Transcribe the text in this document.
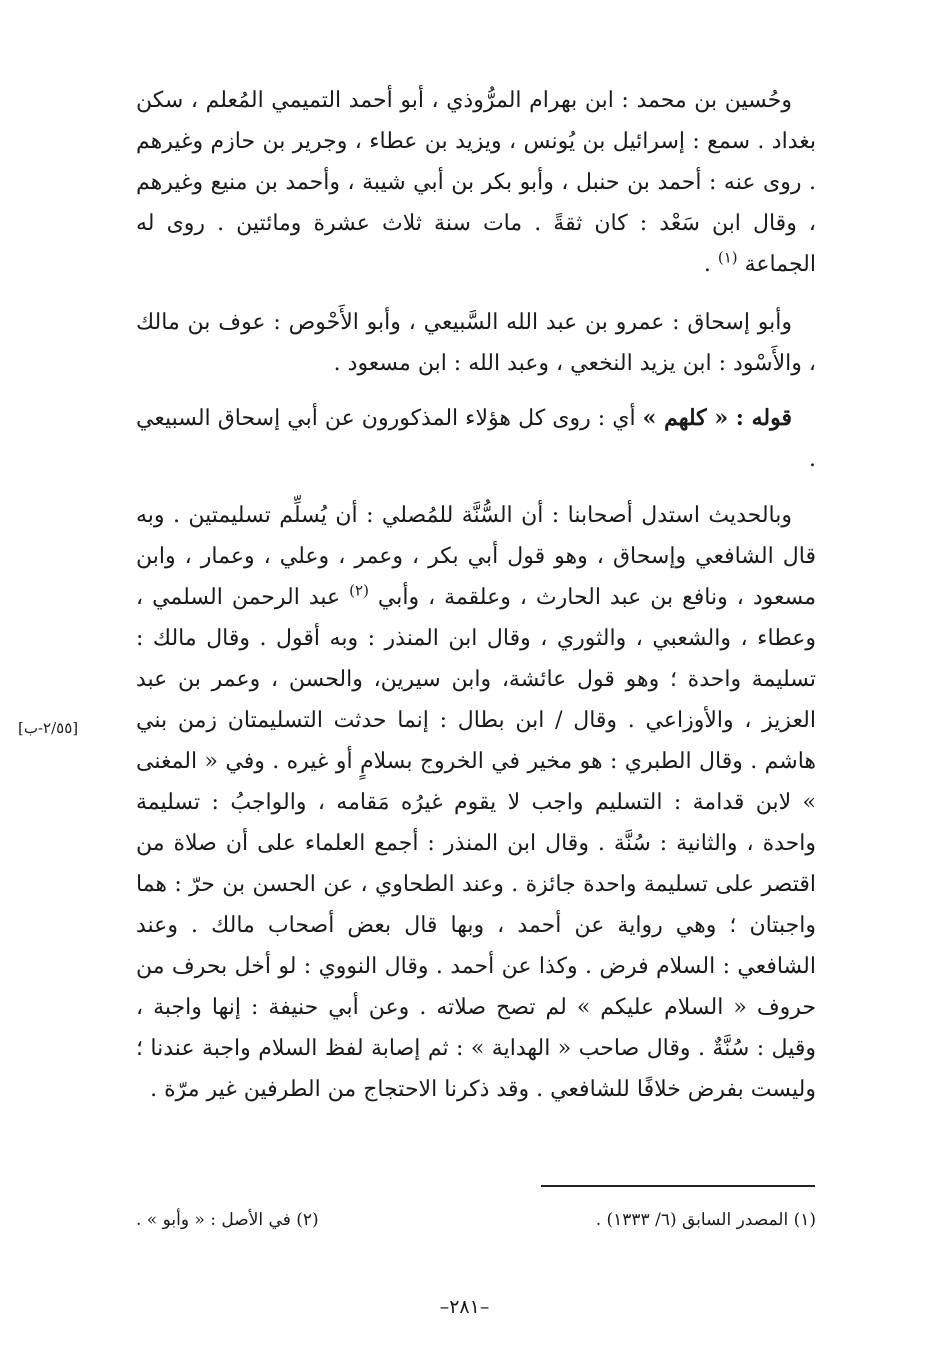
وحُسين بن محمد : ابن بهرام المرُّوذي ، أبو أحمد التميمي المُعلم ، سكن بغداد . سمع : إسرائيل بن يُونس ، ويزيد بن عطاء ، وجرير بن حازم وغيرهم . روى عنه : أحمد بن حنبل ، وأبو بكر بن أبي شيبة ، وأحمد بن منيع وغيرهم ، وقال ابن سَعْد : كان ثقةً . مات سنة ثلاث عشرة ومائتين . روى له الجماعة $^{(١)}$ .

وأبو إسحاق : عمرو بن عبد الله السَّبيعي ، وأبو الأَحْوص : عوف بن مالك ، والأَسْود : ابن يزيد النخعي ، وعبد الله : ابن مسعود .

قوله : « كلهم » أي : روى كل هؤلاء المذكورون عن أبي إسحاق السبيعي .

وبالحديث استدل أصحابنا : أن السُّنَّة للمُصلي : أن يُسلِّم تسليمتين . وبه قال الشافعي وإسحاق ، وهو قول أبي بكر ، وعمر ، وعلي ، وعمار ، وابن مسعود ، ونافع بن عبد الحارث ، وعلقمة ، وأبي $^{(٢)}$ عبد الرحمن السلمي ، وعطاء ، والشعبي ، والثوري ، وقال ابن المنذر : وبه أقول . وقال مالك : تسليمة واحدة ؛ وهو قول عائشة، وابن سيرين، والحسن ، وعمر بن عبد العزيز ، والأوزاعي . وقال / ابن بطال : إنما حدثت التسليمتان زمن بني هاشم . وقال الطبري : هو مخير في الخروج بسلامٍ أو غيره . وفي « المغنى » لابن قدامة : التسليم واجب لا يقوم غيرُه مَقامه ، والواجبُ : تسليمة واحدة ، والثانية : سُنَّة . وقال ابن المنذر : أجمع العلماء على أن صلاة من اقتصر على تسليمة واحدة جائزة . وعند الطحاوي ، عن الحسن بن حرّ : هما واجبتان ؛ وهي رواية عن أحمد ، وبها قال بعض أصحاب مالك . وعند الشافعي : السلام فرض . وكذا عن أحمد . وقال النووي : لو أخل بحرف من حروف « السلام عليكم » لم تصح صلاته . وعن أبي حنيفة : إنها واجبة ، وقيل : سُنَّةٌ . وقال صاحب « الهداية » : ثم إصابة لفظ السلام واجبة عندنا ؛ وليست بفرض خلافًا للشافعي . وقد ذكرنا الاحتجاج من الطرفين غير مرّة .

[٢/٥٥-ب]
(١) المصدر السابق (٦/ ١٣٣٣) .
(٢) في الأصل : « وأبو » .
–٢٨١–
